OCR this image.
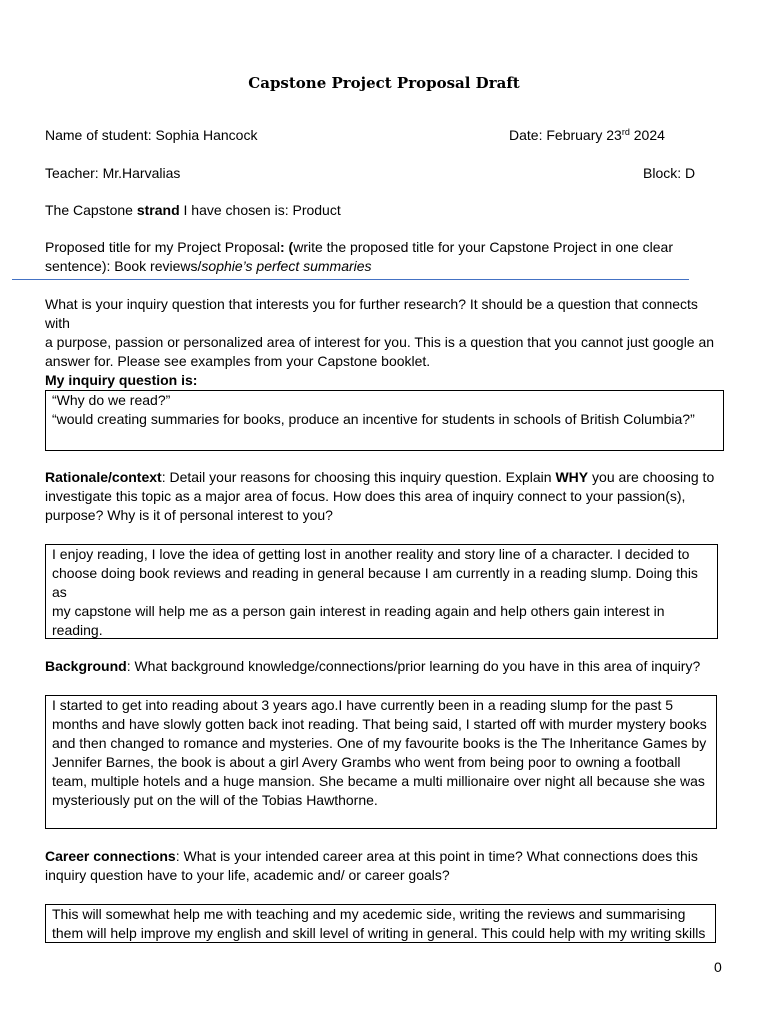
Capstone Project Proposal Draft
Name of student: Sophia Hancock	Date: February 23rd 2024
Teacher: Mr.Harvalias	Block: D
The Capstone strand I have chosen is: Product
Proposed title for my Project Proposal: (write the proposed title for your Capstone Project in one clear
sentence): Book reviews/sophie’s perfect summaries
What is your inquiry question that interests you for further research? It should be a question that connects with
a purpose, passion or personalized area of interest for you. This is a question that you cannot just google an
answer for. Please see examples from your Capstone booklet.
My inquiry question is:

“Why do we read?”

“would creating summaries for books, produce an incentive for students in schools of British Columbia?”

Rationale/context: Detail your reasons for choosing this inquiry question. Explain WHY you are choosing to
investigate this topic as a major area of focus. How does this area of inquiry connect to your passion(s),
purpose? Why is it of personal interest to you?

I enjoy reading, I love the idea of getting lost in another reality and story line of a character. I decided to

choose doing book reviews and reading in general because I am currently in a reading slump. Doing this as

my capstone will help me as a person gain interest in reading again and help others gain interest in reading.

Background: What background knowledge/connections/prior learning do you have in this area of inquiry?

I started to get into reading about 3 years ago.I have currently been in a reading slump for the past 5

months and have slowly gotten back inot reading. That being said, I started off with murder mystery books

and then changed to romance and mysteries. One of my favourite books is the The Inheritance Games by

Jennifer Barnes, the book is about a girl Avery Grambs who went from being poor to owning a football

team, multiple hotels and a huge mansion. She became a multi millionaire over night all because she was

mysteriously put on the will of the Tobias Hawthorne.

Career connections: What is your intended career area at this point in time? What connections does this
inquiry question have to your life, academic and/ or career goals?

This will somewhat help me with teaching and my acedemic side, writing the reviews and summarising

them will help improve my english and skill level of writing in general. This could help with my writing skills

0
